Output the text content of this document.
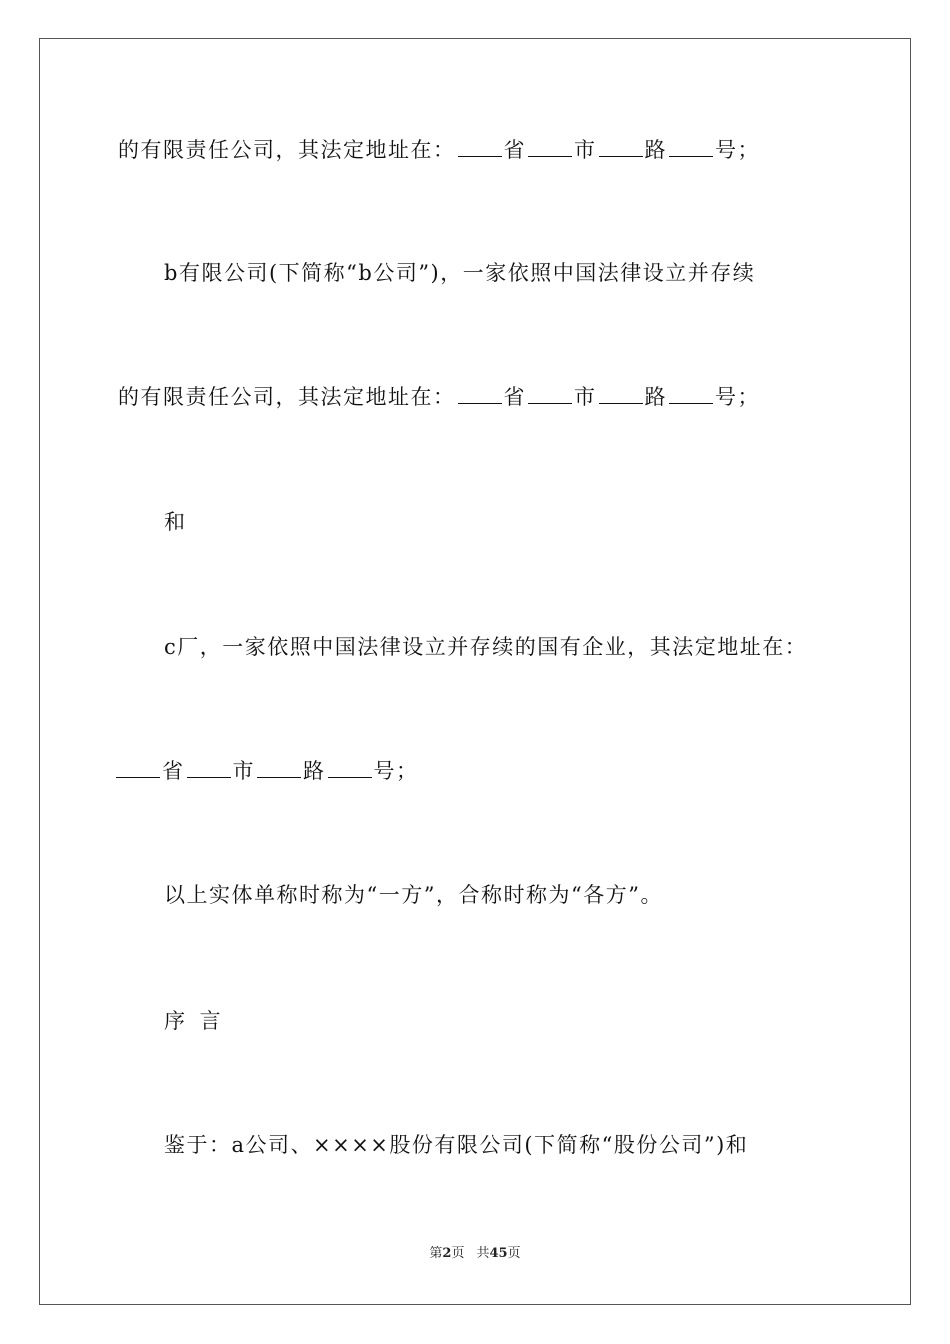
的有限责任公司，其法定地址在： 省 市 路 号；
b有限公司(下简称“b公司”)，一家依照中国法律设立并存续
的有限责任公司，其法定地址在： 省 市 路 号；
和
c厂，一家依照中国法律设立并存续的国有企业，其法定地址在：
省 市 路 号；
以上实体单称时称为“一方”，合称时称为“各方”。
序 言
鉴于：a公司、××××股份有限公司(下简称“股份公司”)和
第2页 共45页
